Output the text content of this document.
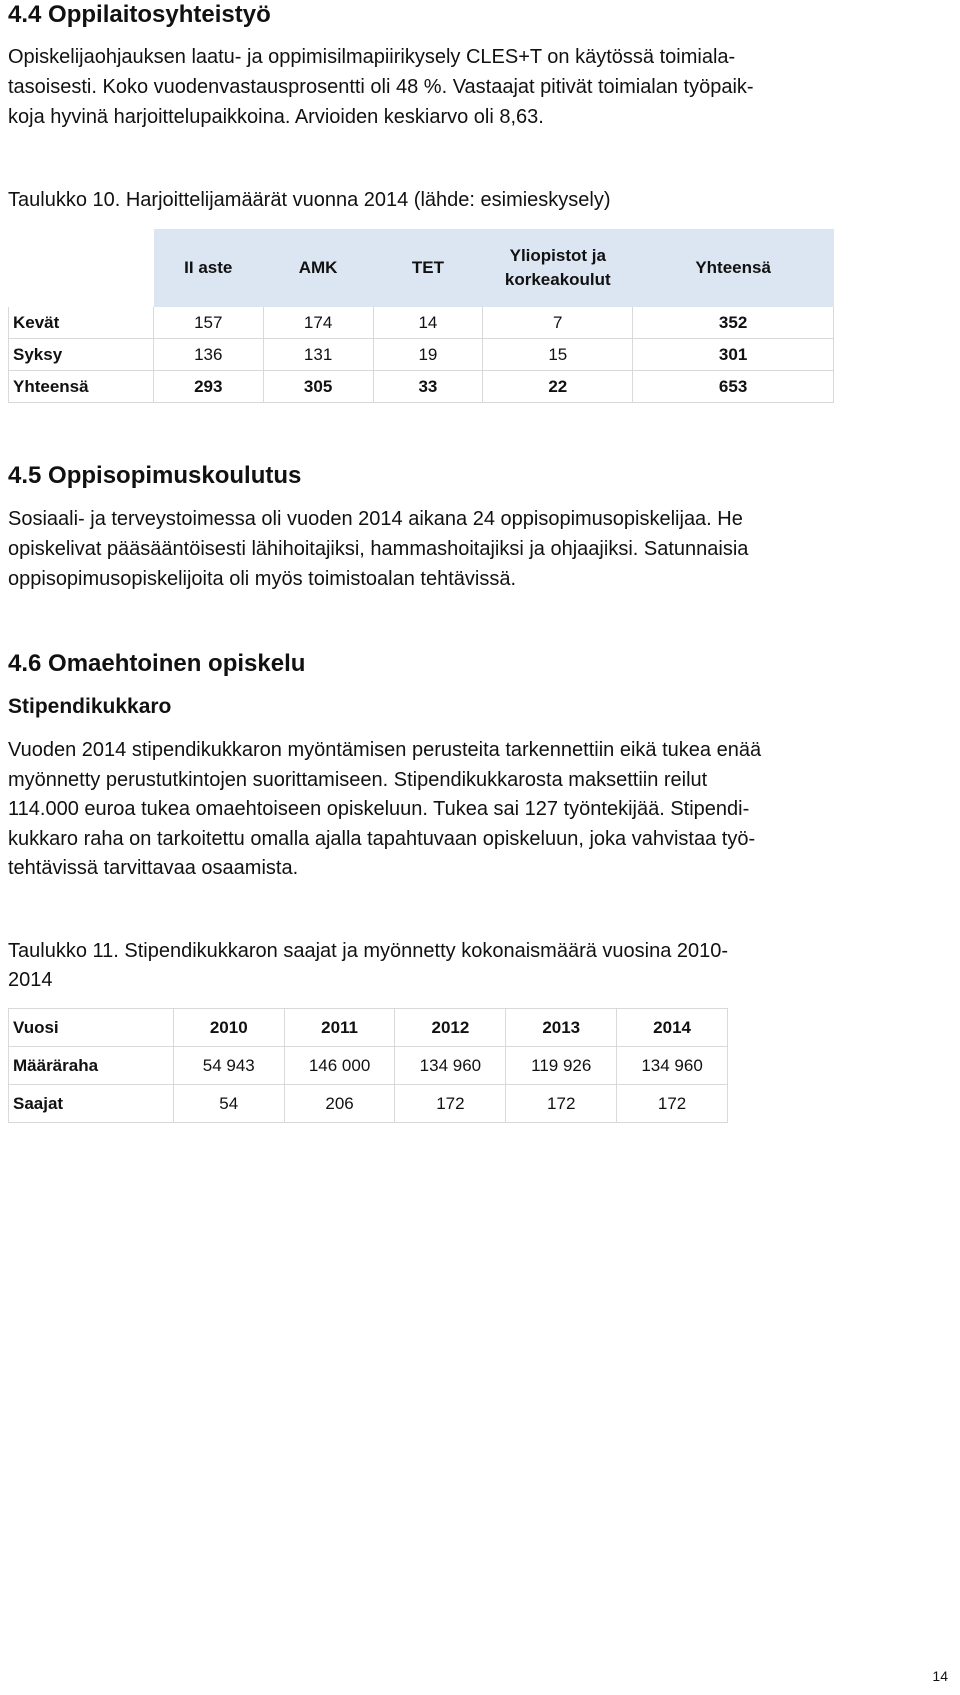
4.4 Oppilaitosyhteistyö

Opiskelijaohjauksen laatu- ja oppimisilmapiirikysely CLES+T on käytössä toimiala-

tasoisesti. Koko vuodenvastausprosentti oli 48 %. Vastaajat pitivät toimialan työpaik-

koja hyvinä harjoittelupaikkoina. Arvioiden keskiarvo oli 8,63.

Taulukko 10. Harjoittelijamäärät vuonna 2014 (lähde: esimieskysely)
	II aste	AMK	TET	Yliopistot ja
korkeakoulut	Yhteensä
Kevät	157	174	14	7	352
Syksy	136	131	19	15	301
Yhteensä	293	305	33	22	653
4.5 Oppisopimuskoulutus

Sosiaali- ja terveystoimessa oli vuoden 2014 aikana 24 oppisopimusopiskelijaa. He

opiskelivat pääsääntöisesti lähihoitajiksi, hammashoitajiksi ja ohjaajiksi. Satunnaisia

oppisopimusopiskelijoita oli myös toimistoalan tehtävissä.

4.6 Omaehtoinen opiskelu
Stipendikukkaro

Vuoden 2014 stipendikukkaron myöntämisen perusteita tarkennettiin eikä tukea enää

myönnetty perustutkintojen suorittamiseen. Stipendikukkarosta maksettiin reilut

114.000 euroa tukea omaehtoiseen opiskeluun. Tukea sai 127 työntekijää. Stipendi-

kukkaro raha on tarkoitettu omalla ajalla tapahtuvaan opiskeluun, joka vahvistaa työ-

tehtävissä tarvittavaa osaamista.

Taulukko 11. Stipendikukkaron saajat ja myönnetty kokonaismäärä vuosina 2010-
2014
Vuosi	2010	2011	2012	2013	2014
Määräraha	54 943	146 000	134 960	119 926	134 960
Saajat	54	206	172	172	172
14
